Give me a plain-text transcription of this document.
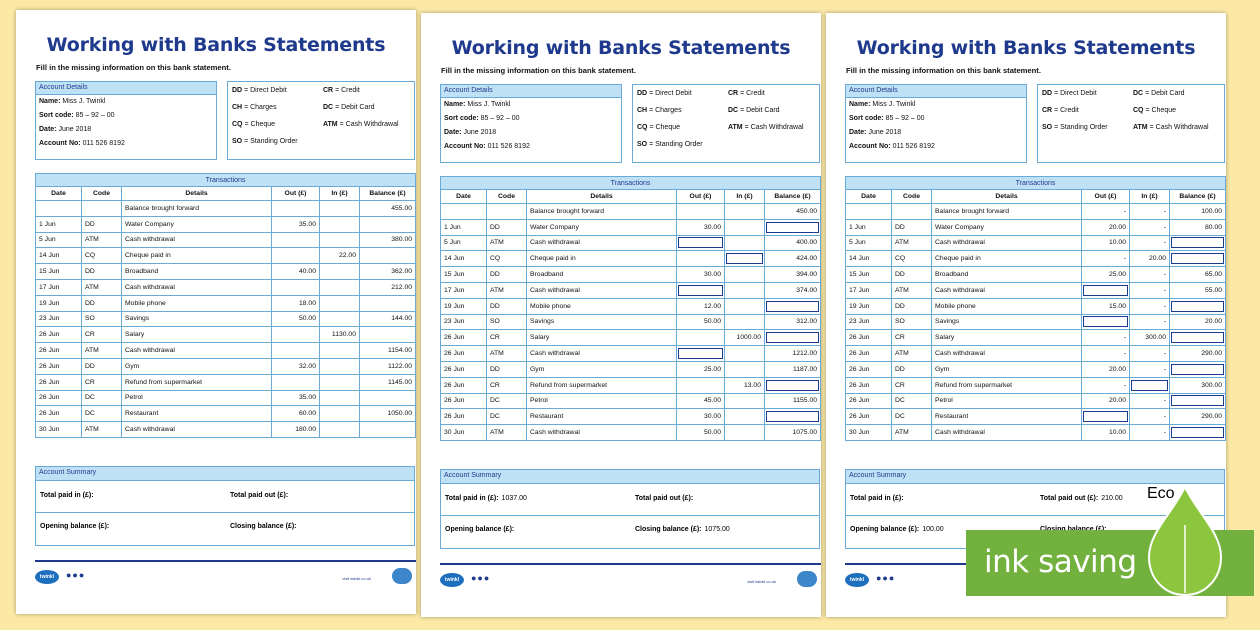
Working with Banks Statements
Fill in the missing information on this bank statement.
Account Details
Name: Miss J. Twinkl
Sort code: 85 – 92 – 00
Date: June 2018
Account No: 011 526 8192
DD = Direct Debit	CR = Credit
CH = Charges	DC = Debit Card
CQ = Cheque	ATM = Cash Withdrawal
SO = Standing Order
Transactions					
Date	Code	Details	Out (£)	In (£)	Balance (£)
		Balance brought forward			455.00
1 Jun	DD	Water Company	35.00		
5 Jun	ATM	Cash withdrawal			380.00
14 Jun	CQ	Cheque paid in		22.00	
15 Jun	DD	Broadband	40.00		362.00
17 Jun	ATM	Cash withdrawal			212.00
19 Jun	DD	Mobile phone	18.00		
23 Jun	SO	Savings	50.00		144.00
26 Jun	CR	Salary		1130.00	
26 Jun	ATM	Cash withdrawal			1154.00
26 Jun	DD	Gym	32.00		1122.00
26 Jun	CR	Refund from supermarket			1145.00
26 Jun	DC	Petrol	35.00		
26 Jun	DC	Restaurant	60.00		1050.00
30 Jun	ATM	Cash withdrawal	180.00		
Account Summary
Total paid in (£):	Total paid out (£):
Opening balance (£):	Closing balance (£):
twinkl	●●●	visit twinkl.co.uk
Working with Banks Statements
Fill in the missing information on this bank statement.
Account Details
Name: Miss J. Twinkl
Sort code: 85 – 92 – 00
Date: June 2018
Account No: 011 526 8192
DD = Direct Debit	CR = Credit
CH = Charges	DC = Debit Card
CQ = Cheque	ATM = Cash Withdrawal
SO = Standing Order
Transactions					
Date	Code	Details	Out (£)	In (£)	Balance (£)
		Balance brought forward			450.00
1 Jun	DD	Water Company	30.00		

5 Jun	ATM	Cash withdrawal			400.00
14 Jun	CQ	Cheque paid in			424.00
15 Jun	DD	Broadband	30.00		394.00
17 Jun	ATM	Cash withdrawal			374.00
19 Jun	DD	Mobile phone	12.00		

23 Jun	SO	Savings	50.00		312.00
26 Jun	CR	Salary		1000.00	

26 Jun	ATM	Cash withdrawal			1212.00
26 Jun	DD	Gym	25.00		1187.00
26 Jun	CR	Refund from supermarket		13.00	

26 Jun	DC	Petrol	45.00		1155.00
26 Jun	DC	Restaurant	30.00		

30 Jun	ATM	Cash withdrawal	50.00		1075.00
Account Summary
Total paid in (£): 1037.00	Total paid out (£):
Opening balance (£):	Closing balance (£): 1075.00
twinkl	●●●	visit twinkl.co.uk
Working with Banks Statements
Fill in the missing information on this bank statement.
Account Details
Name: Miss J. Twinkl
Sort code: 85 – 92 – 00
Date: June 2018
Account No: 011 526 8192
DD = Direct Debit	DC = Debit Card
CR = Credit	CQ = Cheque
SO = Standing Order	ATM = Cash Withdrawal
Transactions					
Date	Code	Details	Out (£)	In (£)	Balance (£)
		Balance brought forward	-	-	100.00
1 Jun	DD	Water Company	20.00	-	80.00
5 Jun	ATM	Cash withdrawal	10.00	-	

14 Jun	CQ	Cheque paid in	-	20.00	

15 Jun	DD	Broadband	25.00	-	65.00
17 Jun	ATM	Cash withdrawal		-	55.00
19 Jun	DD	Mobile phone	15.00	-	

23 Jun	SO	Savings		-	20.00
26 Jun	CR	Salary	-	300.00	

26 Jun	ATM	Cash withdrawal	-	-	290.00
26 Jun	DD	Gym	20.00	-	

26 Jun	CR	Refund from supermarket	-		300.00
26 Jun	DC	Petrol	20.00	-	

26 Jun	DC	Restaurant		-	290.00
30 Jun	ATM	Cash withdrawal	10.00	-	
Account Summary
Total paid in (£):	Total paid out (£): 210.00
Opening balance (£): 100.00
twinkl	●●●	ink saving
Eco
